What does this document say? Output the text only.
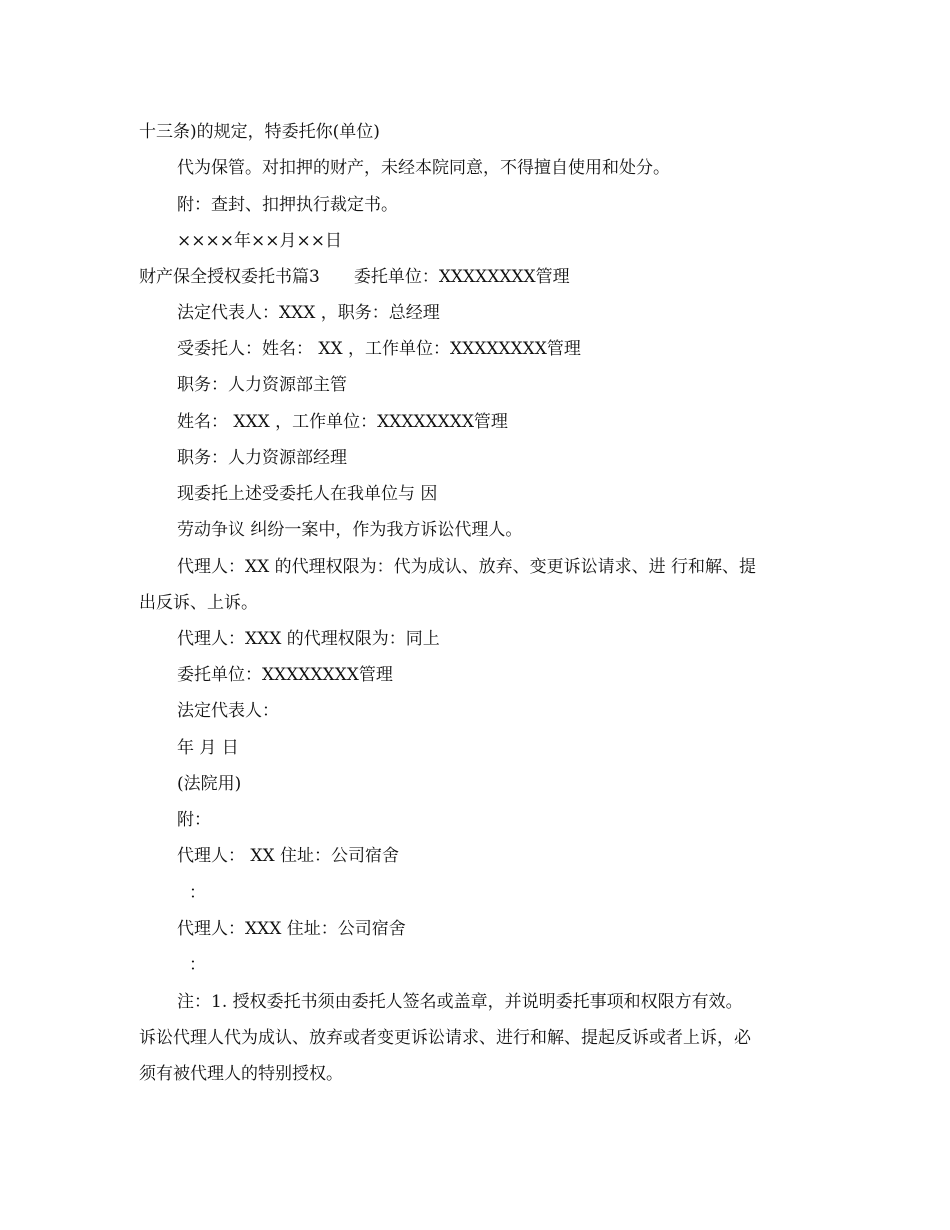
十三条)的规定，特委托你(单位)
代为保管。对扣押的财产，未经本院同意，不得擅自使用和处分。
附：查封、扣押执行裁定书。
××××年××月××日
财产保全授权委托书篇3　　委托单位：XXXXXXXX管理
法定代表人：XXX ，职务：总经理
受委托人：姓名： XX ，工作单位：XXXXXXXX管理
职务：人力资源部主管
姓名： XXX ，工作单位：XXXXXXXX管理
职务：人力资源部经理
现委托上述受委托人在我单位与 因
劳动争议 纠纷一案中，作为我方诉讼代理人。
代理人：XX 的代理权限为：代为成认、放弃、变更诉讼请求、进 行和解、提
出反诉、上诉。
代理人：XXX 的代理权限为：同上
委托单位：XXXXXXXX管理
法定代表人：
年 月 日
(法院用)
附：
代理人： XX 住址：公司宿舍
：
代理人：XXX 住址：公司宿舍
：
注：1. 授权委托书须由委托人签名或盖章，并说明委托事项和权限方有效。
诉讼代理人代为成认、放弃或者变更诉讼请求、进行和解、提起反诉或者上诉，必
须有被代理人的特别授权。
